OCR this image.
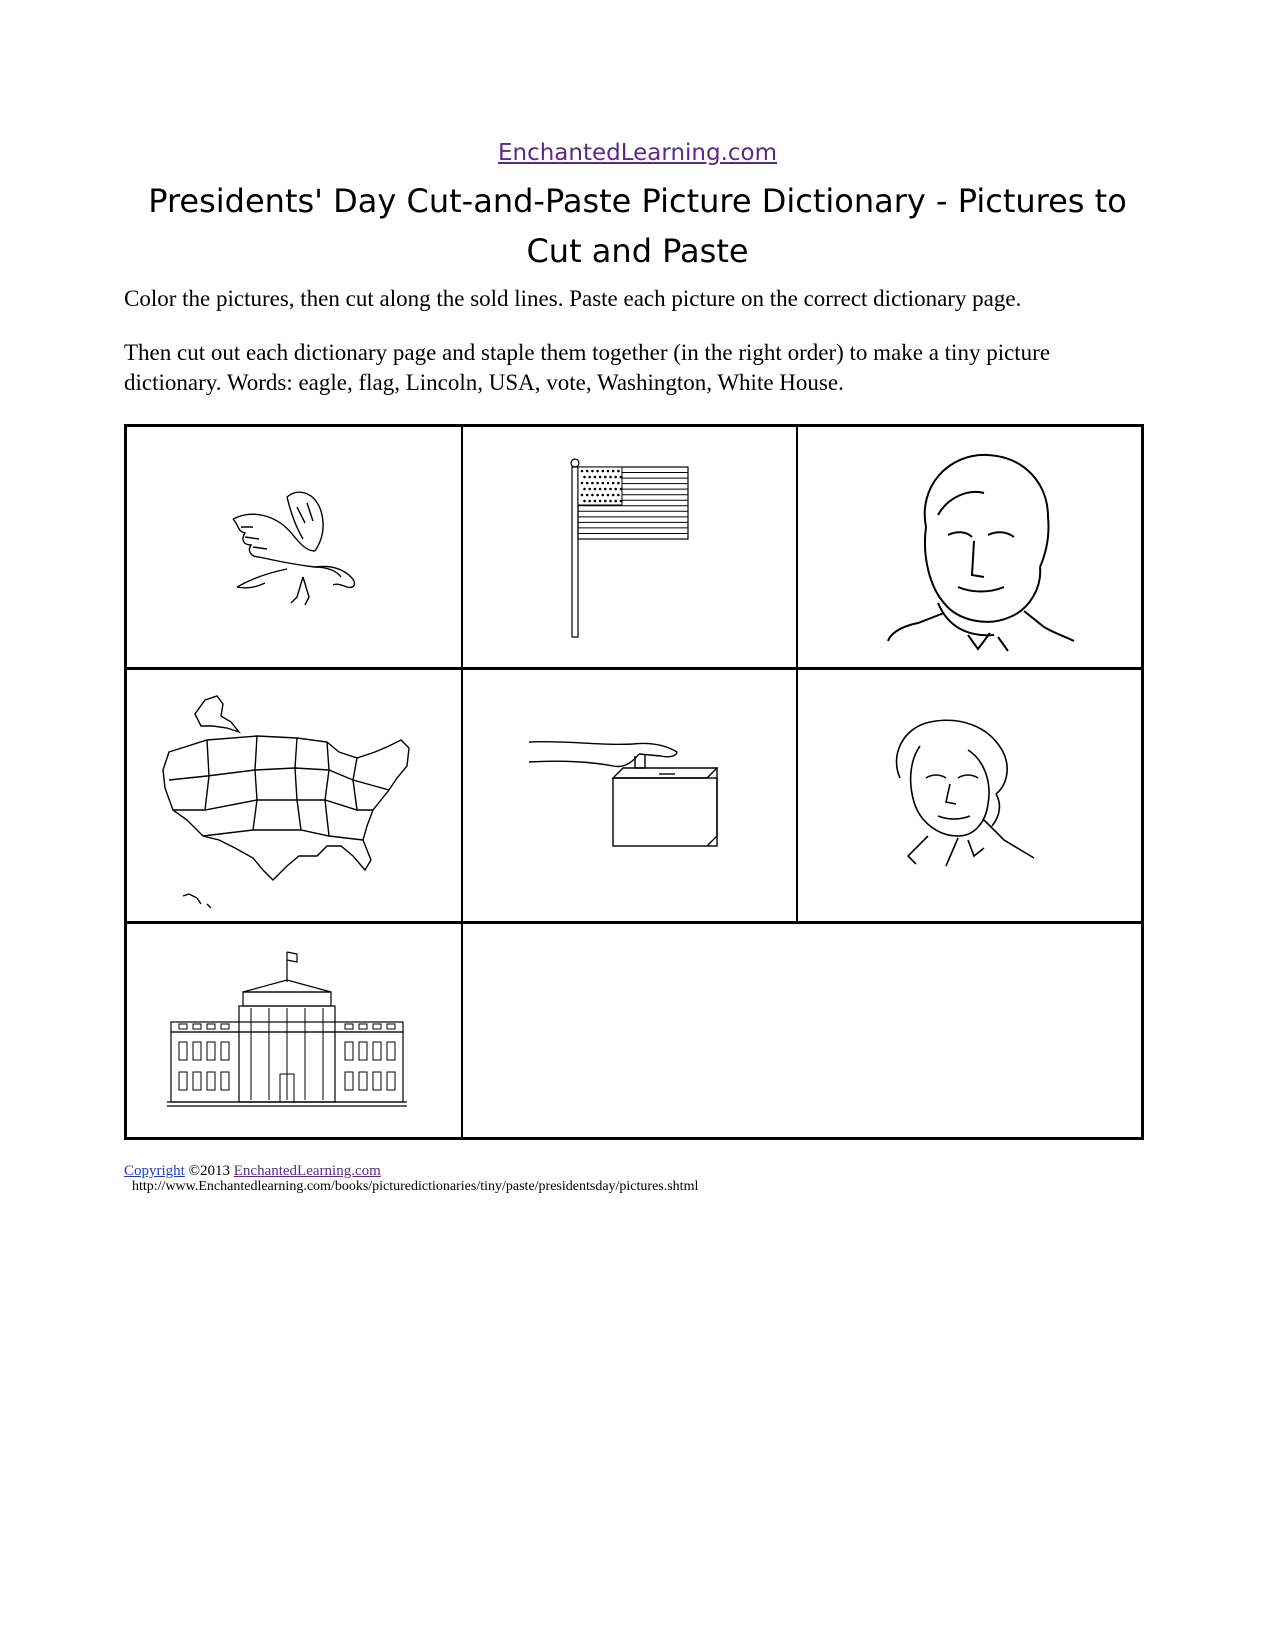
EnchantedLearning.com
Presidents' Day Cut-and-Paste Picture Dictionary - Pictures to Cut and Paste

Color the pictures, then cut along the sold lines. Paste each picture on the correct dictionary page.

Then cut out each dictionary page and staple them together (in the right order) to make a tiny picture dictionary. Words: eagle, flag, Lincoln, USA, vote, Washington, White House.

Copyright ©2013 EnchantedLearning.com
http://www.Enchantedlearning.com/books/picturedictionaries/tiny/paste/presidentsday/pictures.shtml
